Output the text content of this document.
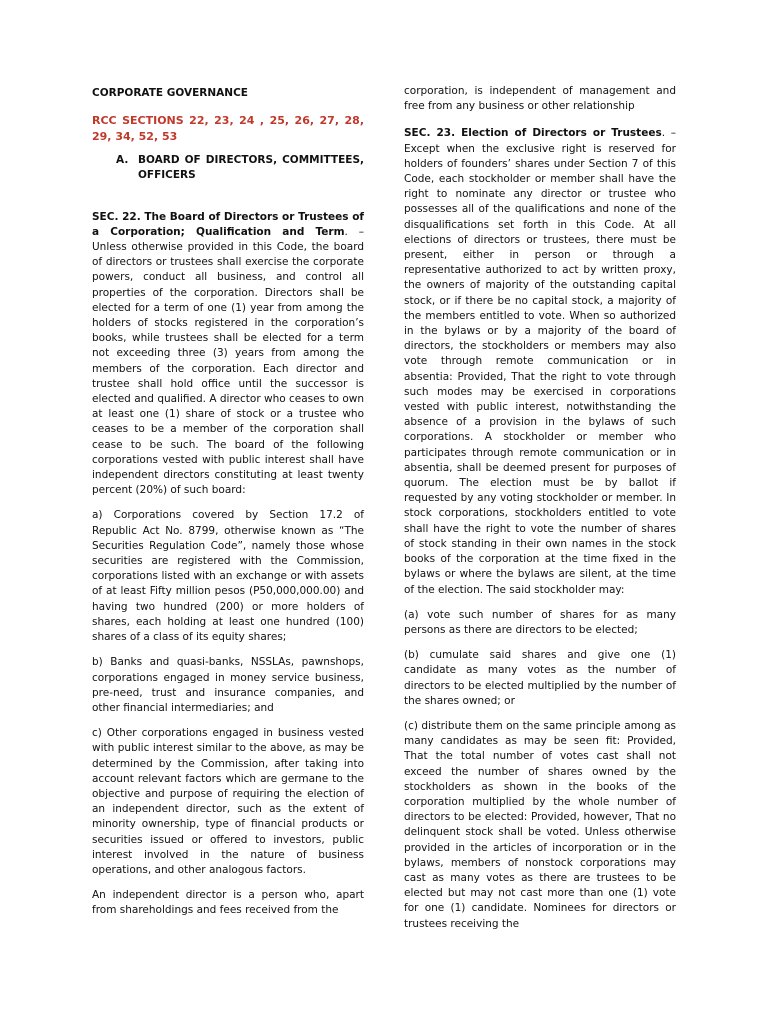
CORPORATE GOVERNANCE

RCC SECTIONS 22, 23, 24 , 25, 26, 27, 28, 29, 34, 52, 53

A. BOARD OF DIRECTORS, COMMITTEES, OFFICERS

SEC. 22. The Board of Directors or Trustees of a Corporation; Qualification and Term. – Unless otherwise provided in this Code, the board of directors or trustees shall exercise the corporate powers, conduct all business, and control all properties of the corporation. Directors shall be elected for a term of one (1) year from among the holders of stocks registered in the corporation’s books, while trustees shall be elected for a term not exceeding three (3) years from among the members of the corporation. Each director and trustee shall hold office until the successor is elected and qualified. A director who ceases to own at least one (1) share of stock or a trustee who ceases to be a member of the corporation shall cease to be such. The board of the following corporations vested with public interest shall have independent directors constituting at least twenty percent (20%) of such board:

a) Corporations covered by Section 17.2 of Republic Act No. 8799, otherwise known as “The Securities Regulation Code”, namely those whose securities are registered with the Commission, corporations listed with an exchange or with assets of at least Fifty million pesos (P50,000,000.00) and having two hundred (200) or more holders of shares, each holding at least one hundred (100) shares of a class of its equity shares;

b) Banks and quasi-banks, NSSLAs, pawnshops, corporations engaged in money service business, pre-need, trust and insurance companies, and other financial intermediaries; and

c) Other corporations engaged in business vested with public interest similar to the above, as may be determined by the Commission, after taking into account relevant factors which are germane to the objective and purpose of requiring the election of an independent director, such as the extent of minority ownership, type of financial products or securities issued or offered to investors, public interest involved in the nature of business operations, and other analogous factors.

An independent director is a person who, apart from shareholdings and fees received from the

corporation, is independent of management and free from any business or other relationship

SEC. 23. Election of Directors or Trustees. – Except when the exclusive right is reserved for holders of founders’ shares under Section 7 of this Code, each stockholder or member shall have the right to nominate any director or trustee who possesses all of the qualifications and none of the disqualifications set forth in this Code. At all elections of directors or trustees, there must be present, either in person or through a representative authorized to act by written proxy, the owners of majority of the outstanding capital stock, or if there be no capital stock, a majority of the members entitled to vote. When so authorized in the bylaws or by a majority of the board of directors, the stockholders or members may also vote through remote communication or in absentia: Provided, That the right to vote through such modes may be exercised in corporations vested with public interest, notwithstanding the absence of a provision in the bylaws of such corporations. A stockholder or member who participates through remote communication or in absentia, shall be deemed present for purposes of quorum. The election must be by ballot if requested by any voting stockholder or member. In stock corporations, stockholders entitled to vote shall have the right to vote the number of shares of stock standing in their own names in the stock books of the corporation at the time fixed in the bylaws or where the bylaws are silent, at the time of the election. The said stockholder may:

(a) vote such number of shares for as many persons as there are directors to be elected;

(b) cumulate said shares and give one (1) candidate as many votes as the number of directors to be elected multiplied by the number of the shares owned; or

(c) distribute them on the same principle among as many candidates as may be seen fit: Provided, That the total number of votes cast shall not exceed the number of shares owned by the stockholders as shown in the books of the corporation multiplied by the whole number of directors to be elected: Provided, however, That no delinquent stock shall be voted. Unless otherwise provided in the articles of incorporation or in the bylaws, members of nonstock corporations may cast as many votes as there are trustees to be elected but may not cast more than one (1) vote for one (1) candidate. Nominees for directors or trustees receiving the
